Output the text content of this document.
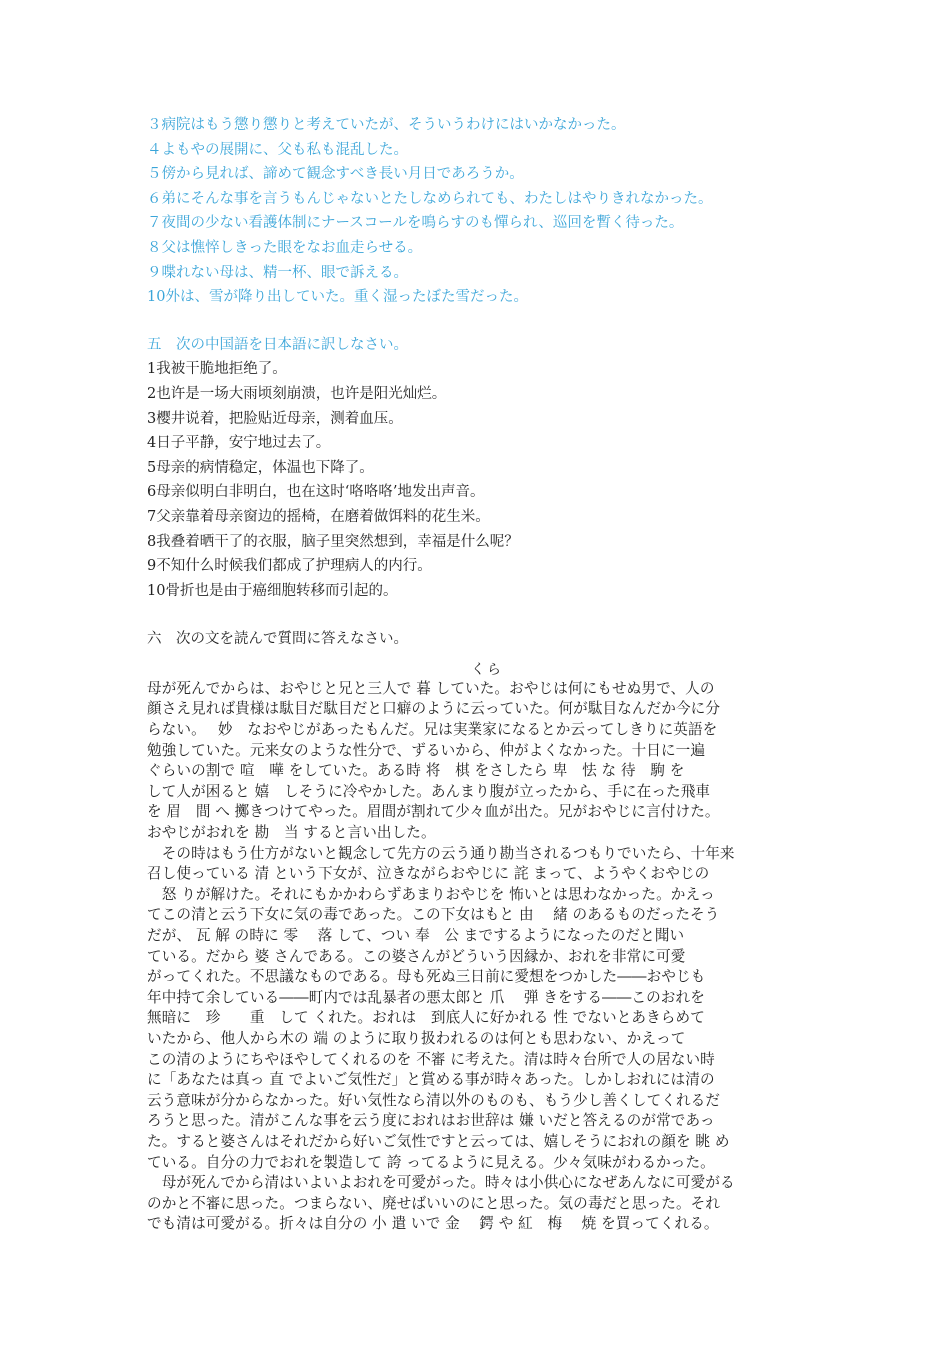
３病院はもう懲り懲りと考えていたが、そういうわけにはいかなかった。
４よもやの展開に、父も私も混乱した。
５傍から見れば、諦めて観念すべき長い月日であろうか。
６弟にそんな事を言うもんじゃないとたしなめられても、わたしはやりきれなかった。
７夜間の少ない看護体制にナースコールを鳴らすのも憚られ、巡回を暫く待った。
８父は憔悴しきった眼をなお血走らせる。
９喋れない母は、精一杯、眼で訴える。
10外は、雪が降り出していた。重く湿ったぼた雪だった。
五　次の中国語を日本語に訳しなさい。
1我被干脆地拒绝了。
2也许是一场大雨顷刻崩溃，也许是阳光灿烂。
3樱井说着，把脸贴近母亲，测着血压。
4日子平静，安宁地过去了。
5母亲的病情稳定，体温也下降了。
6母亲似明白非明白，也在这时‘咯咯咯’地发出声音。
7父亲靠着母亲窗边的摇椅，在磨着做饵料的花生米。
8我叠着晒干了的衣服，脑子里突然想到，幸福是什么呢？
9不知什么时候我们都成了护理病人的内行。
10骨折也是由于癌细胞转移而引起的。
六　次の文を読んで質問に答えなさい。
くら
母が死んでからは、おやじと兄と三人で 暮 していた。おやじは何にもせぬ男で、人の
顔さえ見れば貴様は駄目だ駄目だと口癖のように云っていた。何が駄目なんだか今に分
らない。　 妙　なおやじがあったもんだ。兄は実業家になるとか云ってしきりに英語を
勉強していた。元来女のような性分で、ずるいから、仲がよくなかった。十日に一遍
ぐらいの割で 喧　嘩 をしていた。ある時 将　棋 をさしたら 卑　怯 な 待　駒 を
して人が困ると 嬉　しそうに冷やかした。あんまり腹が立ったから、手に在った飛車
を 眉　間 へ 擲きつけてやった。眉間が割れて少々血が出た。兄がおやじに言付けた。
おやじがおれを 勘　当 すると言い出した。
　その時はもう仕方がないと観念して先方の云う通り勘当されるつもりでいたら、十年来
召し使っている 清 という下女が、泣きながらおやじに 詫 まって、ようやくおやじの
　怒 りが解けた。それにもかかわらずあまりおやじを 怖いとは思わなかった。かえっ
てこの清と云う下女に気の毒であった。この下女はもと 由　 緒 のあるものだったそう
だが、 瓦 解 の時に 零　 落 して、つい 奉　公 までするようになったのだと聞い
ている。だから 婆 さんである。この婆さんがどういう因縁か、おれを非常に可愛
がってくれた。不思議なものである。母も死ぬ三日前に愛想をつかした――おやじも
年中持て余している――町内では乱暴者の悪太郎と 爪　 弾 きをする――このおれを
無暗に　珍　　重　して くれた。おれは　到底人に好かれる 性 でないとあきらめて
いたから、他人から木の 端 のように取り扱われるのは何とも思わない、かえって
この清のようにちやほやしてくれるのを 不審 に考えた。清は時々台所で人の居ない時
に「あなたは真っ 直 でよいご気性だ」と賞める事が時々あった。しかしおれには清の
云う意味が分からなかった。好い気性なら清以外のものも、もう少し善くしてくれるだ
ろうと思った。清がこんな事を云う度におれはお世辞は 嫌 いだと答えるのが常であっ
た。すると婆さんはそれだから好いご気性ですと云っては、嬉しそうにおれの顔を 眺 め
ている。自分の力でおれを製造して 誇 ってるように見える。少々気味がわるかった。
　母が死んでから清はいよいよおれを可愛がった。時々は小供心になぜあんなに可愛がる
のかと不審に思った。つまらない、廃せばいいのにと思った。気の毒だと思った。それ
でも清は可愛がる。折々は自分の 小 遣 いで 金　 鍔 や 紅　梅　 焼 を買ってくれる。
